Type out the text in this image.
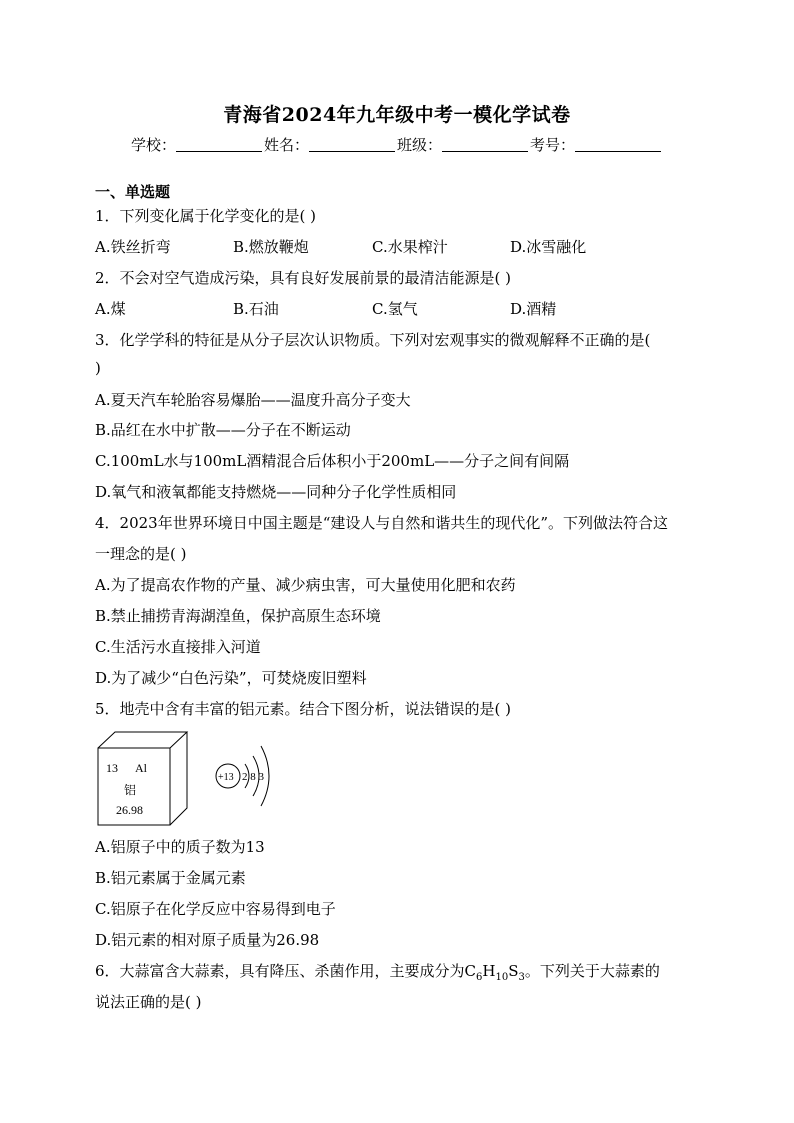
青海省2024年九年级中考一模化学试卷
学校：	姓名：	班级：	考号：
一、单选题
1．下列变化属于化学变化的是( )
A.铁丝折弯	B.燃放鞭炮	C.水果榨汁	D.冰雪融化
2．不会对空气造成污染，具有良好发展前景的最清洁能源是( )
A.煤	B.石油	C.氢气	D.酒精
3．化学学科的特征是从分子层次认识物质。下列对宏观事实的微观解释不正确的是(
)
A.夏天汽车轮胎容易爆胎——温度升高分子变大
B.品红在水中扩散——分子在不断运动
C.100mL水与100mL酒精混合后体积小于200mL——分子之间有间隔
D.氧气和液氧都能支持燃烧——同种分子化学性质相同
4．2023年世界环境日中国主题是“建设人与自然和谐共生的现代化”。下列做法符合这
一理念的是( )
A.为了提高农作物的产量、减少病虫害，可大量使用化肥和农药
B.禁止捕捞青海湖湟鱼，保护高原生态环境
C.生活污水直接排入河道
D.为了减少“白色污染”，可焚烧废旧塑料
5．地壳中含有丰富的铝元素。结合下图分析，说法错误的是( )
13 Al
铝
26.98
+13 2 8 3
A.铝原子中的质子数为13
B.铝元素属于金属元素
C.铝原子在化学反应中容易得到电子
D.铝元素的相对原子质量为26.98
6．大蒜富含大蒜素，具有降压、杀菌作用，主要成分为$C_6H_{10}S_3$。下列关于大蒜素的
说法正确的是( )
